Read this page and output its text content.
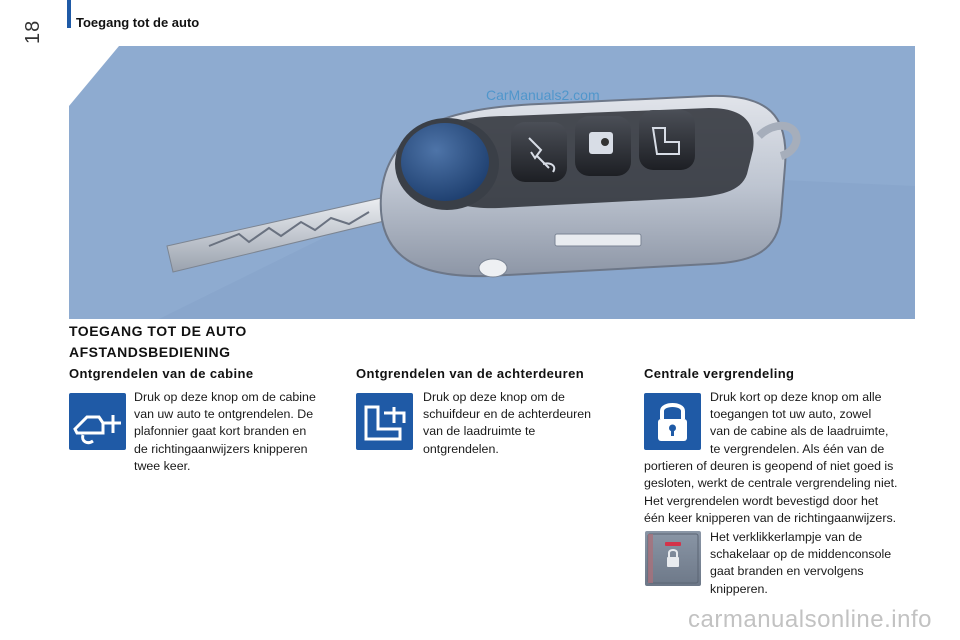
18	Toegang tot de auto
CarManuals2.com
TOEGANG TOT DE AUTO
AFSTANDSBEDIENING
Ontgrendelen van de cabine
Druk op deze knop om de cabine
van uw auto te ontgrendelen. De
plafonnier gaat kort branden en
de richtingaanwijzers knipperen
twee keer.
Ontgrendelen van de achterdeuren
Druk op deze knop om de
schuifdeur en de achterdeuren
van de laadruimte te
ontgrendelen.
Centrale vergrendeling
Druk kort op deze knop om alle
toegangen tot uw auto, zowel
van de cabine als de laadruimte,
te vergrendelen. Als één van de
portieren of deuren is geopend of niet goed is
gesloten, werkt de centrale vergrendeling niet.
Het vergrendelen wordt bevestigd door het
één keer knipperen van de richtingaanwijzers.
Het verklikkerlampje van de
schakelaar op de middenconsole
gaat branden en vervolgens
knipperen.
carmanualsonline.info
